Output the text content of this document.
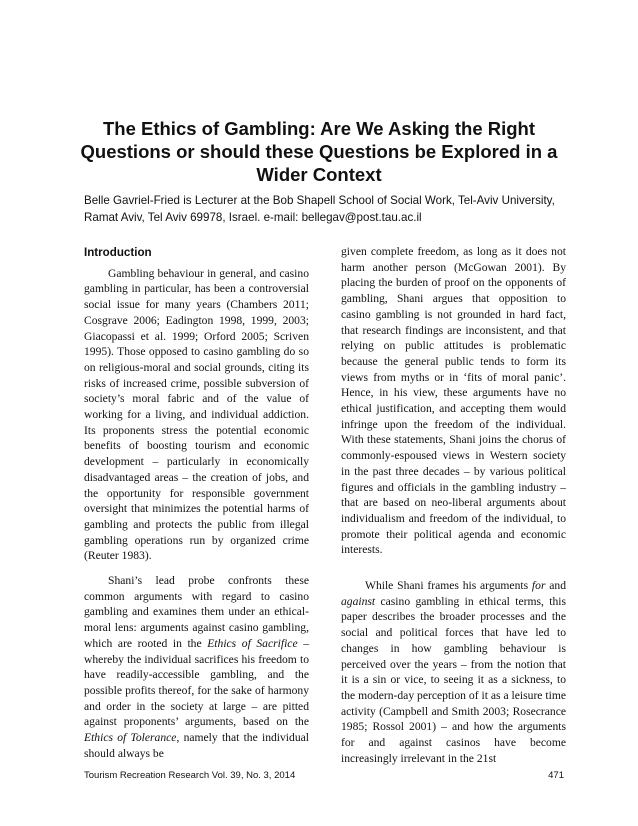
The Ethics of Gambling: Are We Asking the Right Questions or should these Questions be Explored in a Wider Context

Belle Gavriel-Fried is Lecturer at the Bob Shapell School of Social Work, Tel-Aviv University, Ramat Aviv, Tel Aviv 69978, Israel. e-mail: bellegav@post.tau.ac.il

Introduction

Gambling behaviour in general, and casino gambling in particular, has been a controversial social issue for many years (Chambers 2011; Cosgrave 2006; Eadington 1998, 1999, 2003; Giacopassi et al. 1999; Orford 2005; Scriven 1995). Those opposed to casino gambling do so on religious-moral and social grounds, citing its risks of increased crime, possible subversion of society’s moral fabric and of the value of working for a living, and individual addiction. Its proponents stress the potential economic benefits of boosting tourism and economic development – particularly in economically disadvantaged areas – the creation of jobs, and the opportunity for responsible government oversight that minimizes the potential harms of gambling and protects the public from illegal gambling operations run by organized crime (Reuter 1983).

Shani’s lead probe confronts these common arguments with regard to casino gambling and examines them under an ethical-moral lens: arguments against casino gambling, which are rooted in the Ethics of Sacrifice – whereby the individual sacrifices his freedom to have readily-accessible gambling, and the possible profits thereof, for the sake of harmony and order in the society at large – are pitted against proponents’ arguments, based on the Ethics of Tolerance, namely that the individual should always be

given complete freedom, as long as it does not harm another person (McGowan 2001). By placing the burden of proof on the opponents of gambling, Shani argues that opposition to casino gambling is not grounded in hard fact, that research findings are inconsistent, and that relying on public attitudes is problematic because the general public tends to form its views from myths or in ‘fits of moral panic’. Hence, in his view, these arguments have no ethical justification, and accepting them would infringe upon the freedom of the individual. With these statements, Shani joins the chorus of commonly-espoused views in Western society in the past three decades – by various political figures and officials in the gambling industry – that are based on neo-liberal arguments about individualism and freedom of the individual, to promote their political agenda and economic interests.

While Shani frames his arguments for and against casino gambling in ethical terms, this paper describes the broader processes and the social and political forces that have led to changes in how gambling behaviour is perceived over the years – from the notion that it is a sin or vice, to seeing it as a sickness, to the modern-day perception of it as a leisure time activity (Campbell and Smith 2003; Rosecrance 1985; Rossol 2001) – and how the arguments for and against casinos have become increasingly irrelevant in the 21st

Tourism Recreation Research Vol. 39, No. 3, 2014	471
